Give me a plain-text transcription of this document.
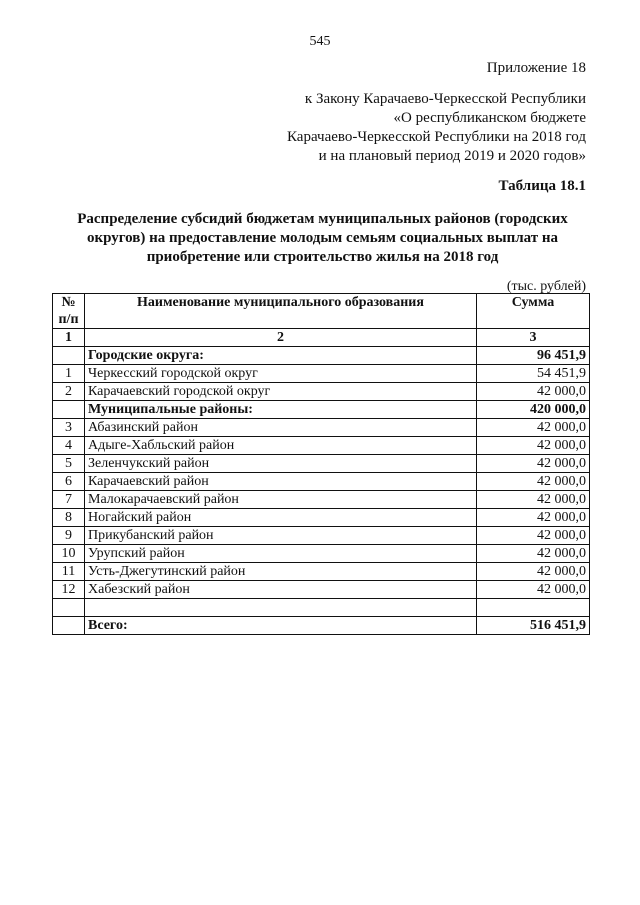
545
Приложение 18
к Закону Карачаево-Черкесской Республики
«О республиканском бюджете
Карачаево-Черкесской Республики на 2018 год
и на плановый период 2019 и 2020 годов»
Таблица 18.1
Распределение субсидий бюджетам муниципальных районов (городских округов) на предоставление молодым семьям социальных выплат на приобретение или строительство жилья на 2018 год
(тыс. рублей)
№
п/п	Наименование муниципального образования	Сумма
1	2	3
	Городские округа:	96 451,9
1	Черкесский городской округ	54 451,9
2	Карачаевский городской округ	42 000,0
	Муниципальные районы:	420 000,0
3	Абазинский район	42 000,0
4	Адыге-Хабльский район	42 000,0
5	Зеленчукский район	42 000,0
6	Карачаевский район	42 000,0
7	Малокарачаевский район	42 000,0
8	Ногайский район	42 000,0
9	Прикубанский район	42 000,0
10	Урупский район	42 000,0
11	Усть-Джегутинский район	42 000,0
12	Хабезский район	42 000,0

	Всего:	516 451,9
